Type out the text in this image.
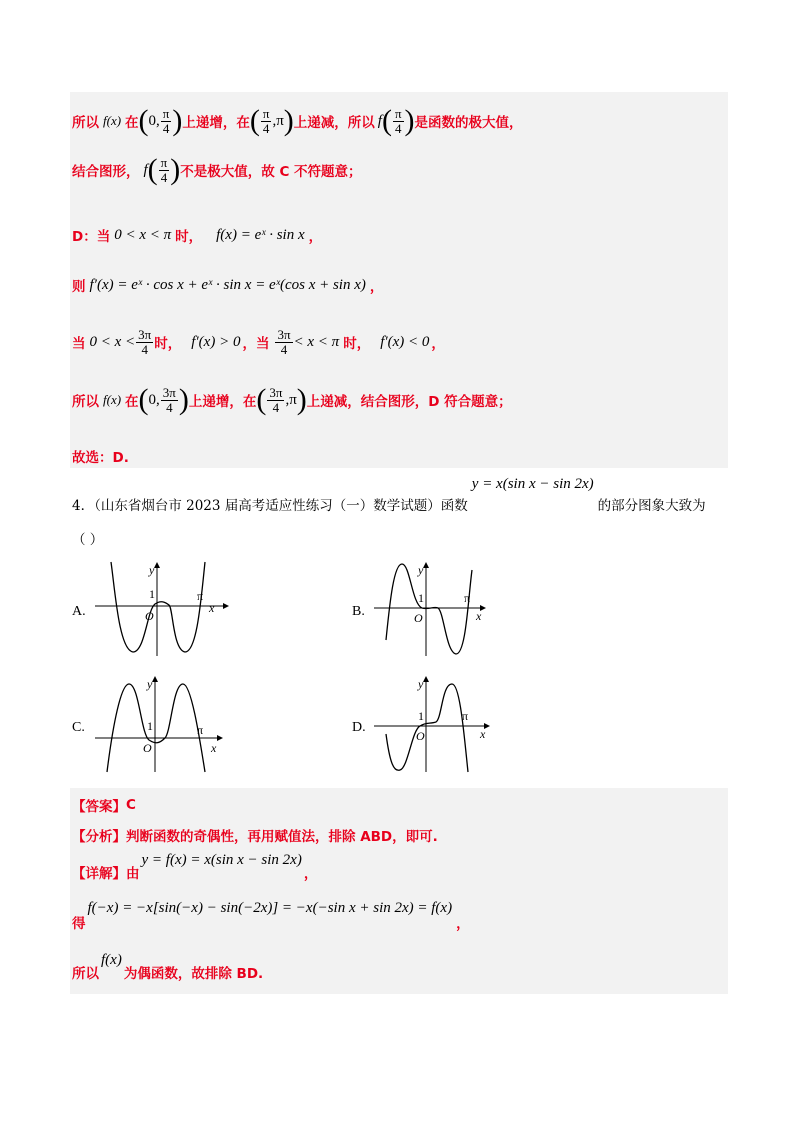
所以 f(x) 在 ( 0, $\frac{\pi}{4}$ ) 上递增，在 ( $\frac{\pi}{4} ,\pi$ ) 上递减，所以 f ( $\frac{\pi}{4}$ ) 是函数的极大值，
结合图形， f ( $\frac{\pi}{4}$ ) 不是极大值，故 C 不符题意；
D：当 0 < x < π 时， f(x) = eˣ · sin x ，
则 f′(x) = eˣ · cos x + eˣ · sin x = eˣ(cos x + sin x) ，
当 $0 < x < \frac{3\pi}{4}$ 时， f′(x) > 0 ，当 $\frac{3\pi}{4} < x < \pi$ 时， f′(x) < 0 ，
所以 f(x) 在 ( 0, $\frac{3\pi}{4}$ ) 上递增，在 ( $\frac{3\pi}{4} ,\pi$ ) 上递减，结合图形，D 符合题意；
故选：D.
4．（山东省烟台市 2023 届高考适应性练习（一）数学试题）函数
y = x(sin x − sin 2x)
的部分图象大致为
（ ）
A.	B.
C.	D.
y
1
O
π
x
y
1
O
π
x
y
1
O
π
x
y
1
O
π
x
【答案】 C
【分析】 判断函数的奇偶性，再用赋值法，排除 ABD，即可.
【详解】 由
y = f(x) = x(sin x − sin 2x)
，
得
f(−x) = −x[sin(−x) − sin(−2x)] = −x(−sin x + sin 2x) = f(x)
，
所以
f(x)
为偶函数，故排除 BD.
